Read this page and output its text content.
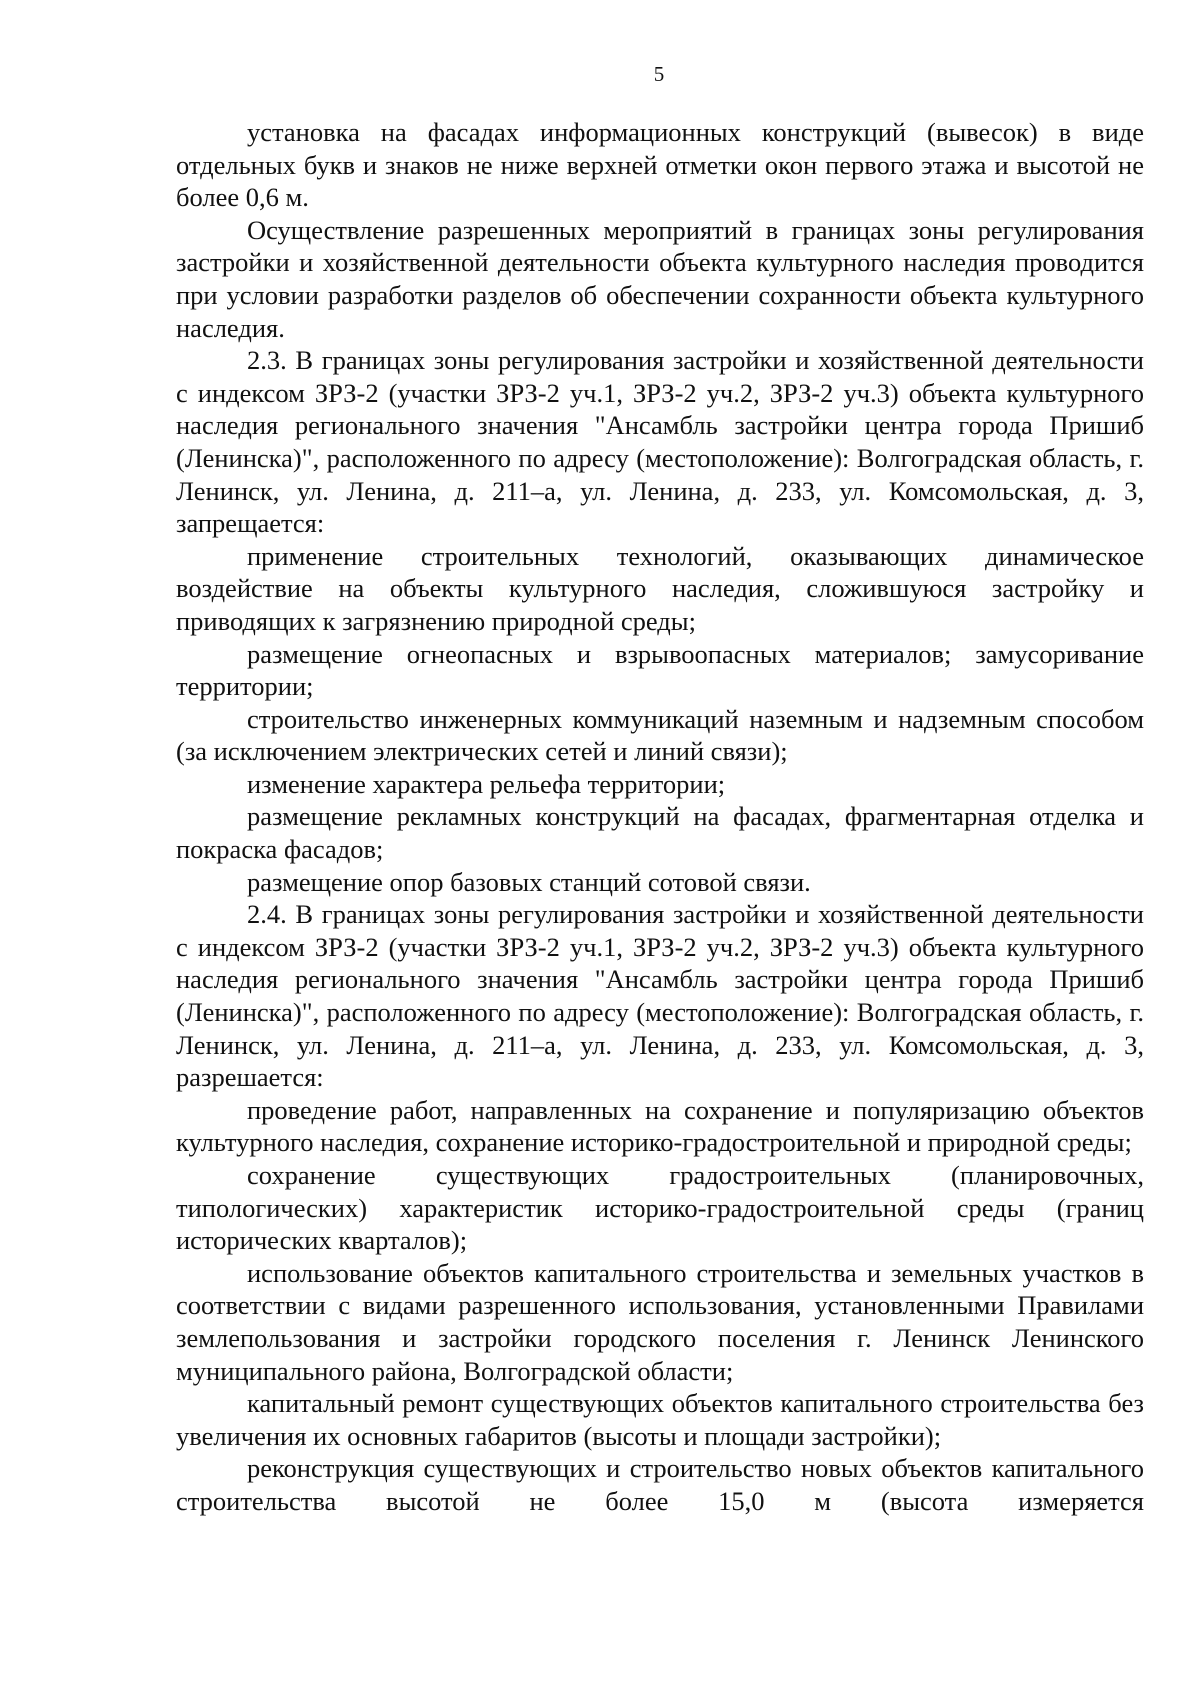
5

установка на фасадах информационных конструкций (вывесок) в виде отдельных букв и знаков не ниже верхней отметки окон первого этажа и высотой не более 0,6 м.

Осуществление разрешенных мероприятий в границах зоны регулирования застройки и хозяйственной деятельности объекта культурного наследия проводится при условии разработки разделов об обеспечении сохранности объекта культурного наследия.

2.3. В границах зоны регулирования застройки и хозяйственной деятельности с индексом ЗРЗ-2 (участки ЗРЗ-2 уч.1, ЗРЗ-2 уч.2, ЗРЗ-2 уч.3) объекта культурного наследия регионального значения "Ансамбль застройки центра города Пришиб (Ленинска)", расположенного по адресу (местоположение): Волгоградская область, г. Ленинск, ул. Ленина, д. 211–а, ул. Ленина, д. 233, ул. Комсомольская, д. 3, запрещается:

применение строительных технологий, оказывающих динамическое воздействие на объекты культурного наследия, сложившуюся застройку и приводящих к загрязнению природной среды;

размещение огнеопасных и взрывоопасных материалов; замусоривание территории;

строительство инженерных коммуникаций наземным и надземным способом (за исключением электрических сетей и линий связи);

изменение характера рельефа территории;

размещение рекламных конструкций на фасадах, фрагментарная отделка и покраска фасадов;

размещение опор базовых станций сотовой связи.

2.4. В границах зоны регулирования застройки и хозяйственной деятельности с индексом ЗРЗ-2 (участки ЗРЗ-2 уч.1, ЗРЗ-2 уч.2, ЗРЗ-2 уч.3) объекта культурного наследия регионального значения "Ансамбль застройки центра города Пришиб (Ленинска)", расположенного по адресу (местоположение): Волгоградская область, г. Ленинск, ул. Ленина, д. 211–а, ул. Ленина, д. 233, ул. Комсомольская, д. 3, разрешается:

проведение работ, направленных на сохранение и популяризацию объектов культурного наследия, сохранение историко-градостроительной и природной среды;

сохранение существующих градостроительных (планировочных, типологических) характеристик историко-градостроительной среды (границ исторических кварталов);

использование объектов капитального строительства и земельных участков в соответствии с видами разрешенного использования, установленными Правилами землепользования и застройки городского поселения г. Ленинск Ленинского муниципального района, Волгоградской области;

капитальный ремонт существующих объектов капитального строительства без увеличения их основных габаритов (высоты и площади застройки);

реконструкция существующих и строительство новых объектов капитального строительства высотой не более 15,0 м (высота измеряется
